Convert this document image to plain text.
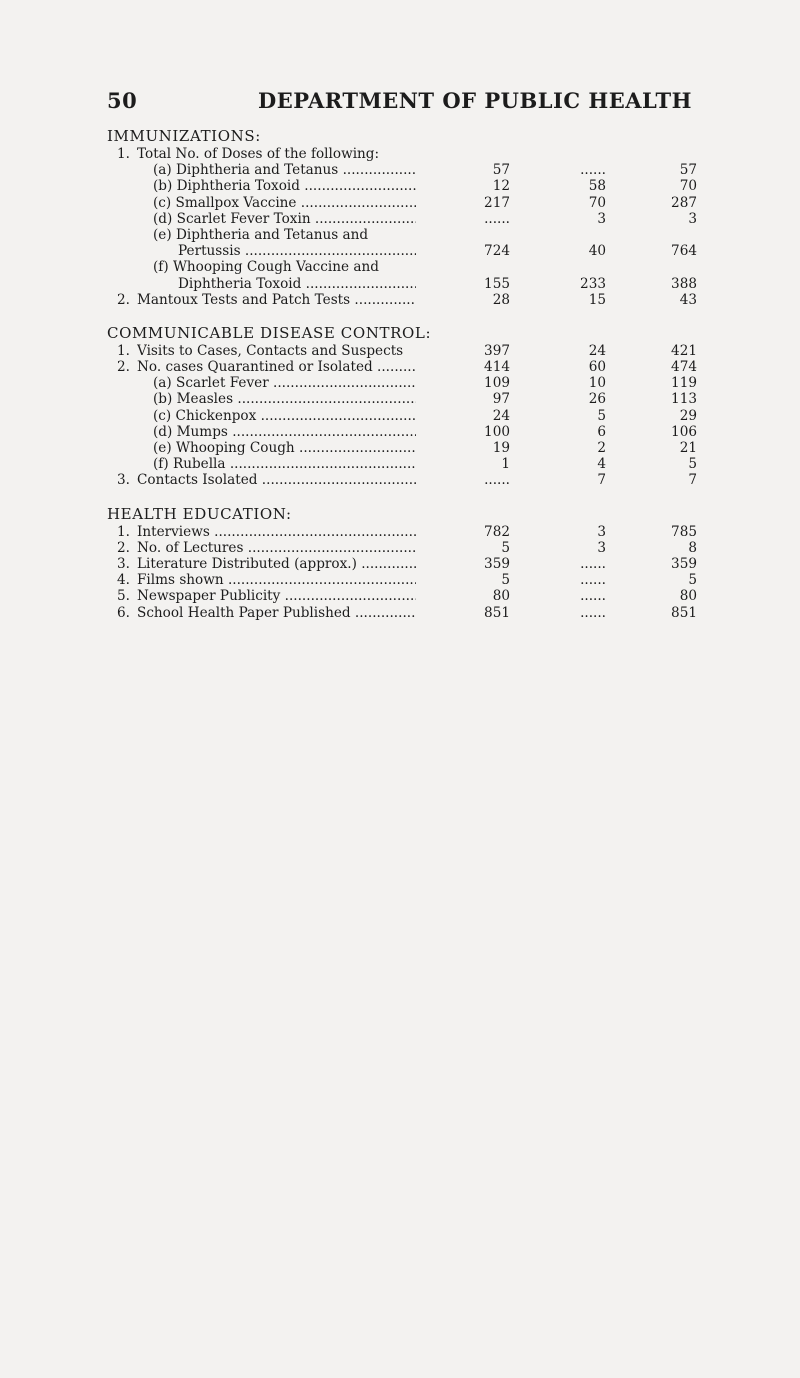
50	DEPARTMENT OF PUBLIC HEALTH
IMMUNIZATIONS:
1. Total No. of Doses of the following:
(a) Diphtheria and Tetanus .....	57	......	57
(b) Diphtheria Toxoid .....	12	58	70
(c) Smallpox Vaccine .....	217	70	287
(d) Scarlet Fever Toxin .....	......	3	3
(e) Diphtheria and Tetanus and
Pertussis .....	724	40	764
(f) Whooping Cough Vaccine and
Diphtheria Toxoid .....	155	233	388
2. Mantoux Tests and Patch Tests .....	28	15	43
COMMUNICABLE DISEASE CONTROL:
1. Visits to Cases, Contacts and Suspects	397	24	421
2. No. cases Quarantined or Isolated .....	414	60	474
(a) Scarlet Fever .....	109	10	119
(b) Measles .....	97	26	113
(c) Chickenpox .....	24	5	29
(d) Mumps .....	100	6	106
(e) Whooping Cough .....	19	2	21
(f) Rubella .....	1	4	5
3. Contacts Isolated .....	......	7	7
HEALTH EDUCATION:
1. Interviews .....	782	3	785
2. No. of Lectures .....	5	3	8
3. Literature Distributed (approx.) .....	359	......	359
4. Films shown .....	5	......	5
5. Newspaper Publicity .....	80	......	80
6. School Health Paper Published .....	851	......	851
